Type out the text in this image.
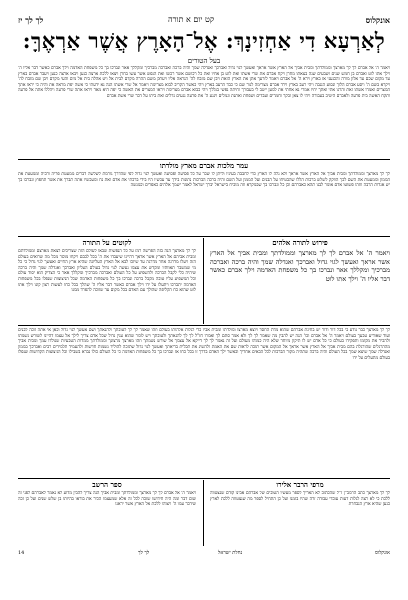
לך לך יז	קט יום א תורה	אונקלוס
לְאַרְעָא דִי אַחְזִינָךְ: אֶל־הָאָרֶץ אֲשֶׁר אַרְאֶךָּ:
בעל הטורים
ויאמר ה' אל אברם לך לך מארצך וממולדתך ומבית אביך אל הארץ אשר אראך ואעשך לגוי גדול ואברכך ואגדלה שמך והיה ברכה ואברכה מברכיך ומקללך אאר ונברכו בך כל משפחת האדמה וילך אברם כאשר דבר אליו ה' וילך אתו לוט ואברם בן חמש שנים ושבעים שנה בצאתו מחרן ויקח אברם את שרי אשתו ואת לוט בן אחיו ואת כל רכושם אשר רכשו ואת הנפש אשר עשו בחרן ויצאו ללכת ארצה כנען ויבאו ארצה כנען ויעבר אברם בארץ עד מקום שכם עד אלון מורה והכנעני אז בארץ וירא ה' אל אברם ויאמר לזרעך אתן את הארץ הזאת ויבן שם מזבח לה' הנראה אליו ויעתק משם ההרה מקדם לבית אל ויט אהלה בית אל מים והעי מקדם ויבן שם מזבח לה' ויקרא בשם ה' ויסע אברם הלוך ונסוע הנגבה ויהי רעב בארץ וירד אברם מצרימה לגור שם כי כבד הרעב בארץ ויהי כאשר הקריב לבוא מצרימה ויאמר אל שרי אשתו הנה נא ידעתי כי אשה יפת מראה את והיה כי יראו אתך המצרים ואמרו אשתו זאת והרגו אתי ואתך יחיו אמרי נא אחתי את למען ייטב לי בעבורך וחיתה נפשי בגללך ויהי כבוא אברם מצרימה ויראו המצרים את האשה כי יפה היא מאד ויראו אתה שרי פרעה ויהללו אתה אל פרעה ותקח האשה בית פרעה ולאברם היטיב בעבורה ויהי לו צאן ובקר וחמרים ועבדים ושפחת ואתנת וגמלים וינגע ה' את פרעה נגעים גדלים ואת ביתו על דבר שרי אשת אברם
עמר מלכות אברם מארץ מולדתו
לך לך מארצך וממולדתך ומבית אביך אל הארץ אשר אראך ולא גלה לו הארץ כדי לחבבה בעיניו וליתן לו שכר על כל פסיעה ופסיעה ואעשך לגוי גדול לפי שהדרך גורמת לשלשה דברים ממעטת פריה ורביה וממעטת את הממון וממעטת את השם לכך הוזקק לשלש ברכות הללו שהבטיחו על הבנים ועל הממון ועל השם והיה ברכה הברכות נתונות בידך עד עכשיו היו בידי ברכתי את אדם ואת נח ומעכשיו אתה תברך את אשר תחפוץ ונברכו בך יש אגדות הרבה ווזהו פשוטו אדם אומר לבנו תהא כאברהם וכן כל ונברכו בך שבמקרא וזה מוכיח בישראל יברך ישראל לאמר ישמך אלהים כאפרים וכמנשה
לקוטים על התורה	פירוש לתורה אלהים
לך לך מארצך הנה בזה הפרשה רמז על כל הנפשות שבאו לעולם הזה שצריכים לצאת מארצם וממולדתם ומבית אביהם אל הארץ אשר אראך דהיינו שיעבדו את ה' בכל לבבם ויקחו מוסר מכל מה שרואים בעולם הזה ויעלו מדרגה אחר מדרגה עד שיזכו לבא אל הארץ העליונה שהיא ארץ החיים ואעשך לגוי גדול כי כל מי שמשבר תאוותיו ומקדש את עצמו נעשה לגוי גדול בעולם העליון ואברכך ואגדלה שמך והיה ברכה שיהיה כלי לקבל הברכה ולהשפיע על כל העולם ואברכה מברכיך ומקללך אאר כי הצדיק הוא יסוד עולם וכל המשפיע עליו טובה מקבל ברכה ונברכו בך כל משפחות האדמה שכל הניצוצות שנפלו בכל משפחות האדמה יתברכו ויתעלו על ידו וילך אברם כאשר דבר אליו ה' שהלך בכל כחו לעשות רצון קונו וילך אתו לוט שהוא כח הקליפה שהולך עם האדם בכל מקום עד שזוכה להפרד ממנו
ויאמר ה' אל אברם לך לך מארצך וממולדתך ומבית אביך אל הארץ אשר אראך ואעשך לגוי גדול ואברכך ואגדלה שמך והיה ברכה ואברכה מברכיך ומקללך אאר ונברכו בך כל משפחת האדמה וילך אברם כאשר דבר אליו ה' וילך אתו לוט
לך לך מארצך כבר נודע כי בכל דור ודור יש בחינת אברהם שהוא מדת החסד ויוצא מארצו ומולדתו ומבית אביו כדי לגלות אלהותו בעולם וזהו שאמר לך לך לטובתך ולהנאתך ושם אעשך לגוי גדול וכאן אי אתה זוכה לבנים ועוד שאודיע טבעך בעולם ויאמר ה' אל אברם וכו' הנה יש להבין מה שאמר לך לך ולא אמר סתם לך ואמרו חז"ל לך לך להנאתך ולטובתך ויש לומר שהוא ענין גדול שכל אדם צריך לילך אל עצמו דהיינו לשורש נשמתו ולהכיר את מקומו ותפקידו בעולם כי כל אדם יש לו תיקון מיוחד שלא היה כמוהו מעולם ועל זה נאמר לך לך דייקא אל עצמך אל שורש נשמתך וזהו מארצך מרצונך וממולדתך ממדות הטבעיות שנולדו עמך ומבית אביך מההרגלים שהורגלת בהם מבית אביך אל הארץ אשר אראך אל המקום אשר תזכה לראות שם את האמת ולהשיג את תכלית בריאתך ואעשך לגוי גדול שתזכה להוליד נשמות חדשות ולהעמיד תלמידים רבים ואברכך בממון ואגדלה שמך שיצא שמך בכל העולם והיה ברכה שתהיה מקור הברכות לכל הבאים אחריך וכאשר ילך האדם בדרך זו בכל כחו אז ונברכו בך כל משפחות האדמה כי כל העולם כולו נברא בשבילו וכל הניצוצות הקדושות שנפלו בעולם מתעלים על ידו
ספר הרשב	מרפי הרבר אלירו
ויאמר ה' אל אברם לך לך מארצך וממולדתך ומבית אביך הנה צריך להבין מדוע לא נאמר לאברהם לפני זה שום דבר ומה היה חידושו שזכה לכל זה אלא שמעצמו הכיר את בוראו בהיותו בן שלש שנים ועל כן זכה שידבר עמו ה' ויצוהו ללכת אל הארץ אשר יראנו
לך לך מארצך כתב הרמב"ן ז"ל שהכתוב לא האריך לספר מעשיו הטובים של אברהם אבינו קודם שנצטווה ללכת כי לא רצה לגלות דעות עובדי עבודה זרה שהיו בזמנו ועל כן התחיל לספר מה שנצטווה ללכת לארץ כנען שהיא ארץ הנבחרת
14	לך לך	נחלת ישראל	אונקלוס
